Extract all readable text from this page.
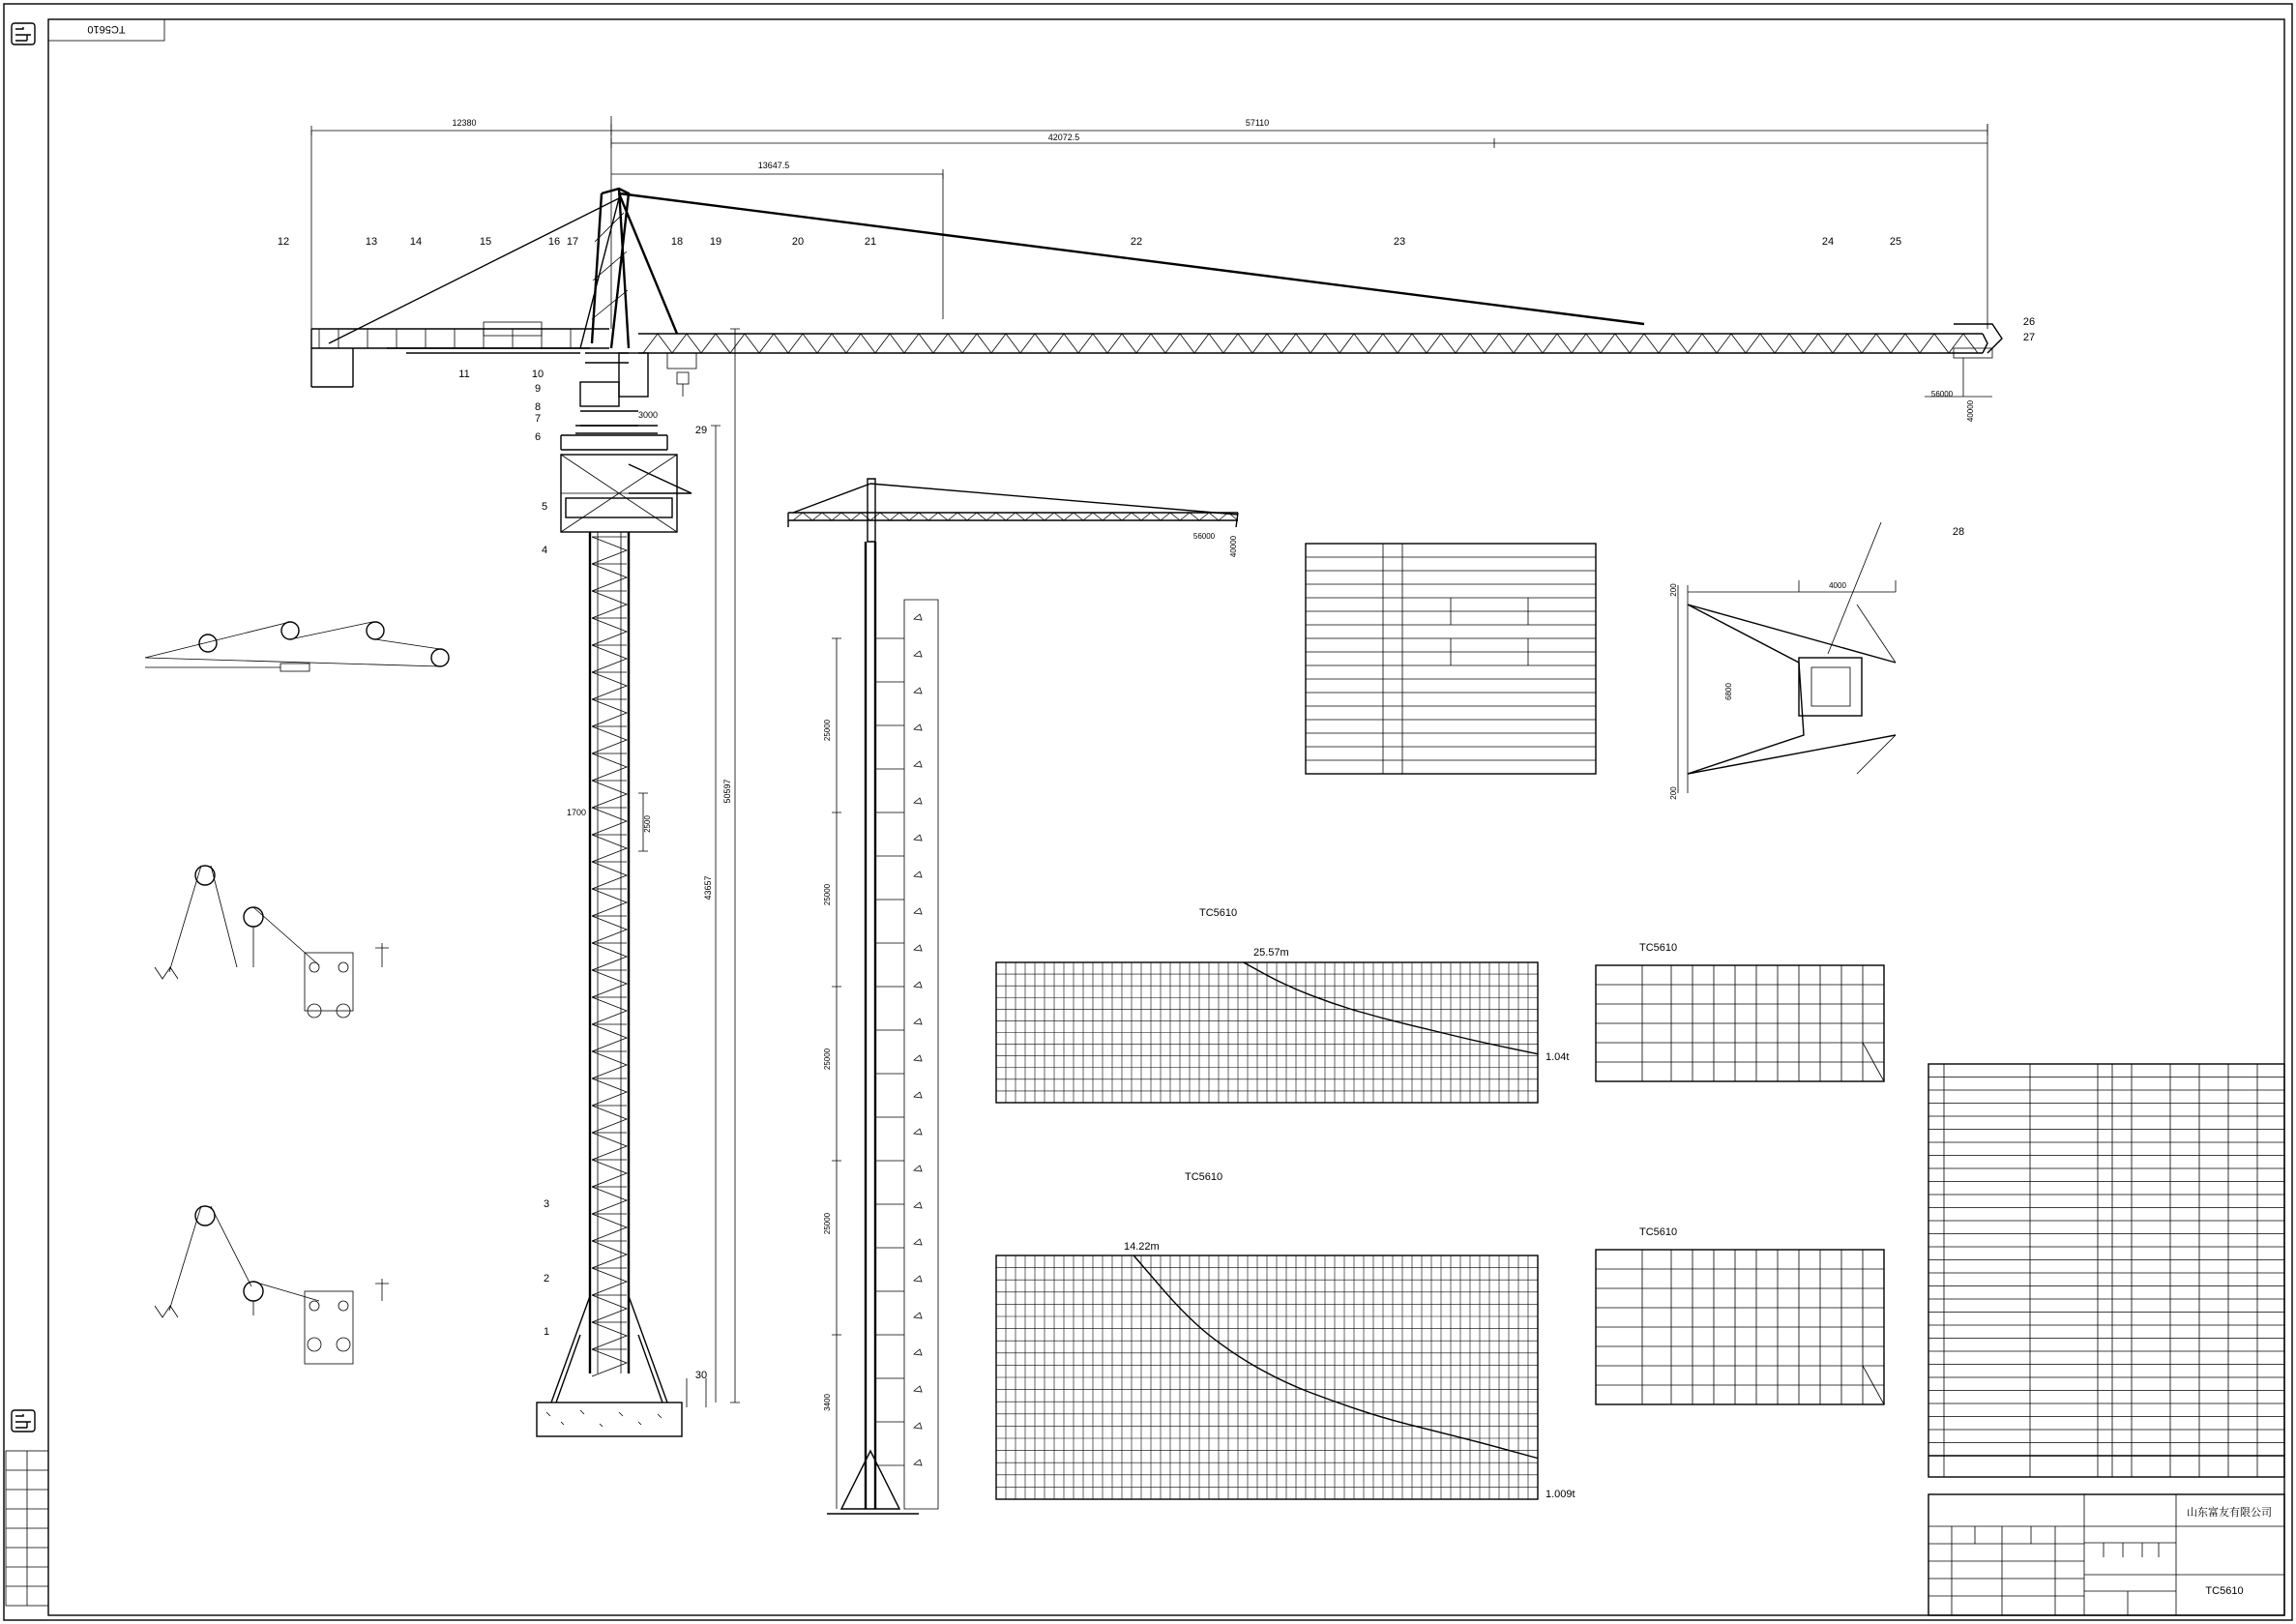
TC5610
12380	57110
42072.5
13647.5
3000
1700
2500
50597
43657
56000
40000
1
2
3
4
5
6
7
8
9
10
11
12	13	14	15	16 17	18	19	20	21	22	23	24	25
26
27
28
29
30
56000 40000
25000
25000
25000
25000
3400
4000
6800
200
200
TC5610
TC5610
25.57m
1.04t
14.22m
1.009t
TC5610
TC5610
山东富友有限公司
TC5610
